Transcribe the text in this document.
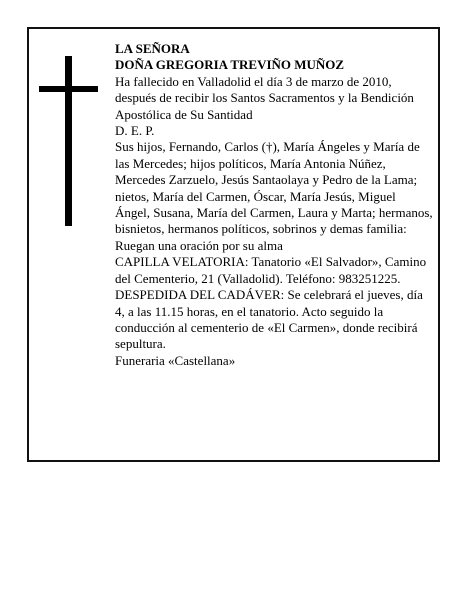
LA SEÑORA

DOÑA GREGORIA TREVIÑO MUÑOZ

Ha fallecido en Valladolid el día 3 de marzo de 2010, después de recibir los Santos Sacramentos y la Bendición Apostólica de Su Santidad

D. E. P.

Sus hijos, Fernando, Carlos (†), María Ángeles y María de las Mercedes; hijos políticos, María Antonia Núñez, Mercedes Zarzuelo, Jesús Santaolaya y Pedro de la Lama; nietos, María del Carmen, Óscar, María Jesús, Miguel Ángel, Susana, María del Carmen, Laura y Marta; hermanos, bisnietos, hermanos políticos, sobrinos y demas familia:

Ruegan una oración por su alma

CAPILLA VELATORIA: Tanatorio «El Salvador», Camino del Cementerio, 21 (Valladolid). Teléfono: 983251225.

DESPEDIDA DEL CADÁVER: Se celebrará el jueves, día 4, a las 11.15 horas, en el tanatorio. Acto seguido la conducción al cementerio de «El Carmen», donde recibirá sepultura.

Funeraria «Castellana»
